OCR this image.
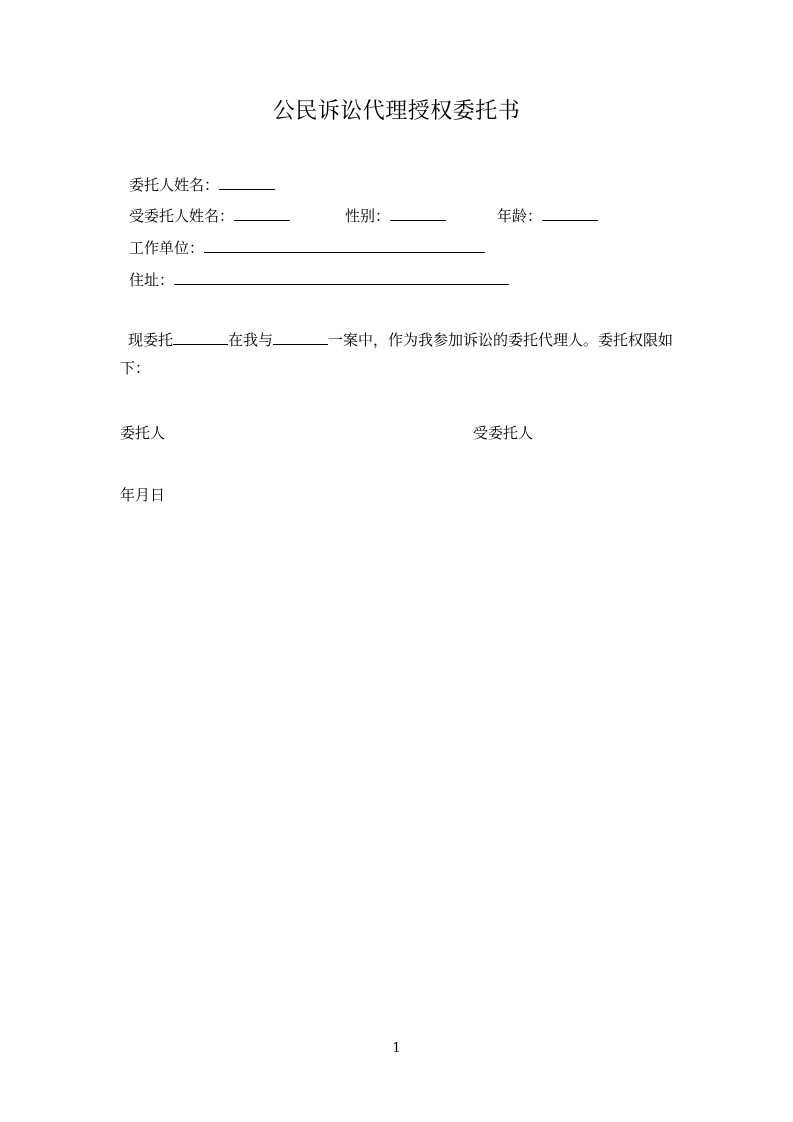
公民诉讼代理授权委托书
委托人姓名：
受委托人姓名：	性别：	年龄：
工作单位：
住址：
现委托	在我与	一案中，作为我参加诉讼的委托代理人。委托权限如下：
委托人	受委托人
年月日
1
